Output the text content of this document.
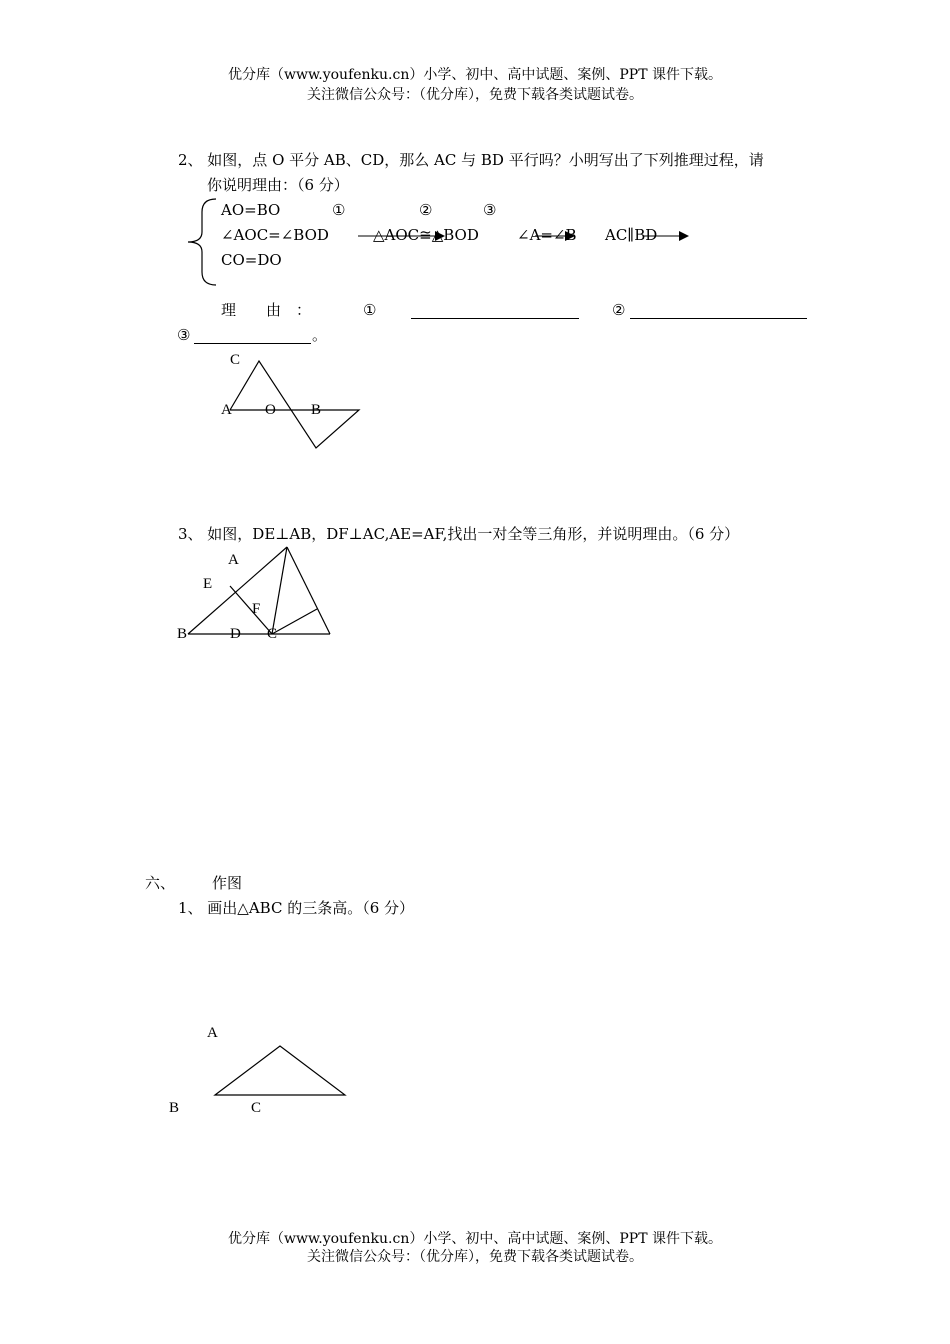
优分库（www.youfenku.cn）小学、初中、高中试题、案例、PPT 课件下载。
关注微信公众号：（优分库），免费下载各类试题试卷。
2、 如图，点 O 平分 AB、CD，那么 AC 与 BD 平行吗？小明写出了下列推理过程，请
你说明理由：（6 分）
AO=BO
∠AOC=∠BOD
CO=DO
①	②	③
△AOC≅△BOD	∠A=∠B AC∥BD
理　　由　：	①	②
③	。
C
A O B
3、 如图，DE⊥AB，DF⊥AC,AE=AF,找出一对全等三角形，并说明理由。（6 分）
A
E
F
B	D C
六、 作图
1、 画出△ABC 的三条高。（6 分）
A
B	C
优分库（www.youfenku.cn）小学、初中、高中试题、案例、PPT 课件下载。
关注微信公众号：（优分库），免费下载各类试题试卷。
